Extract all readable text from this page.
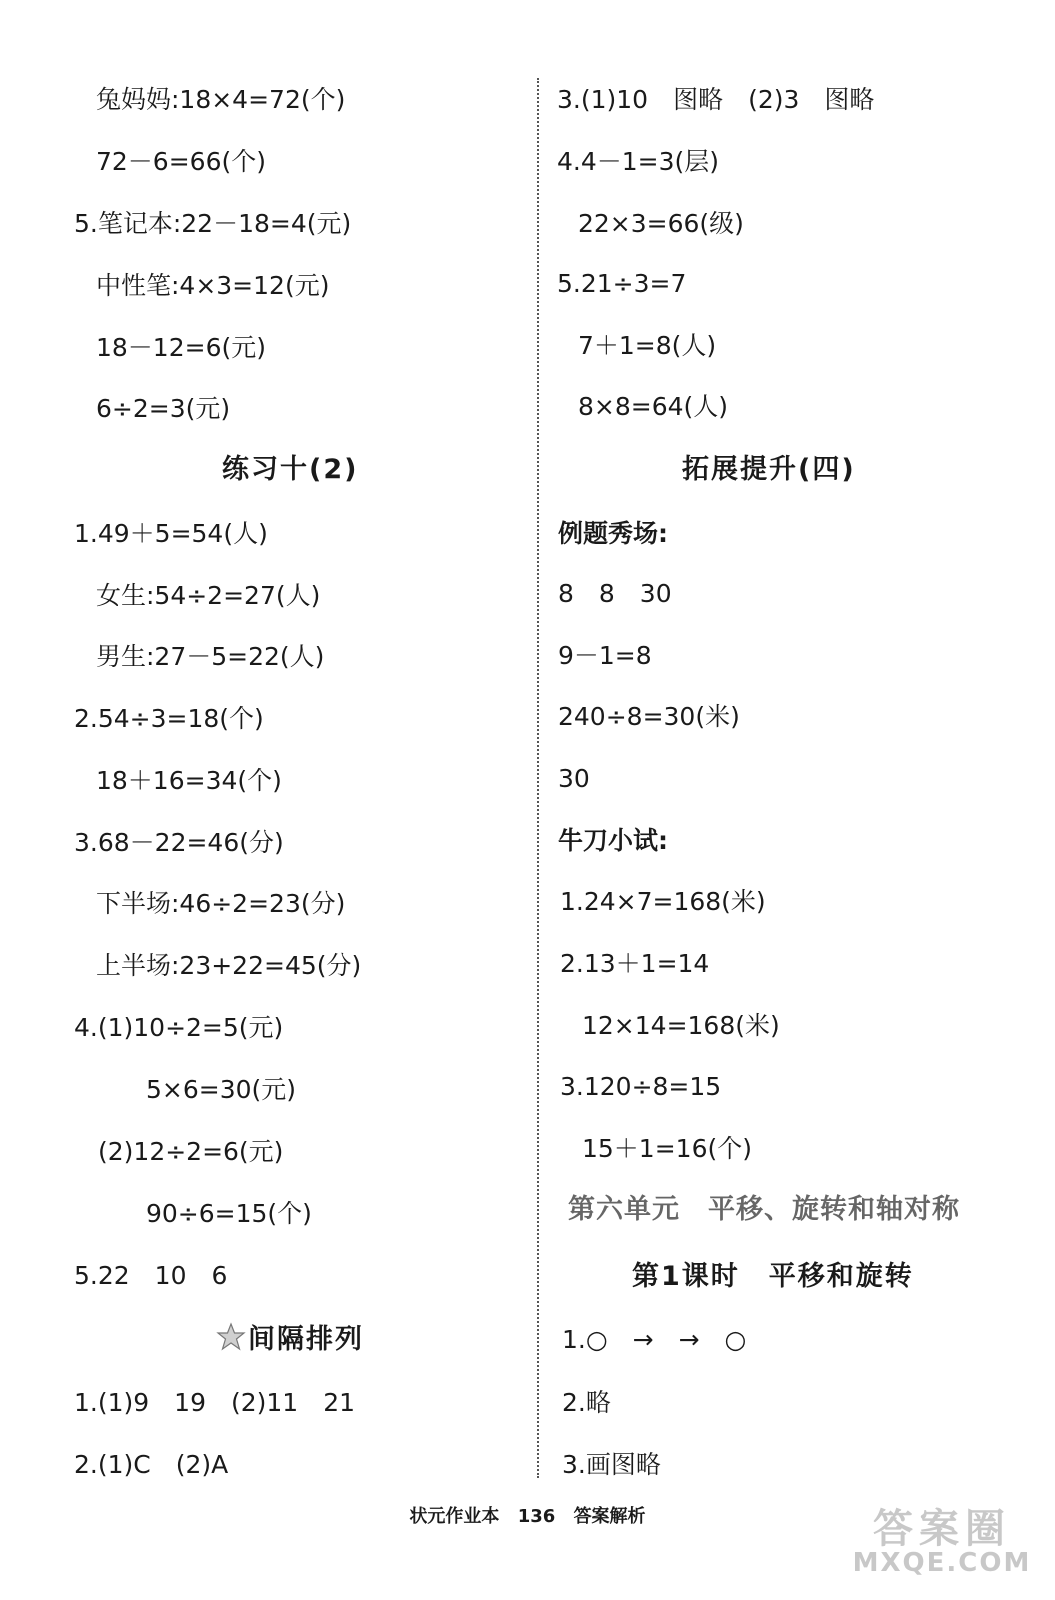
兔妈妈:18×4=72(个)
72－6=66(个)
5.笔记本:22－18=4(元)
中性笔:4×3=12(元)
18－12=6(元)
6÷2=3(元)
练习十(2)
1.49＋5=54(人)
女生:54÷2=27(人)
男生:27－5=22(人)
2.54÷3=18(个)
18＋16=34(个)
3.68－22=46(分)
下半场:46÷2=23(分)
上半场:23+22=45(分)
4.(1)10÷2=5(元)
5×6=30(元)
(2)12÷2=6(元)
90÷6=15(个)
5.22　10　6
间隔排列
1.(1)9　19　(2)11　21
2.(1)C　(2)A
3.(1)10　图略　(2)3　图略
4.4－1=3(层)
22×3=66(级)
5.21÷3=7
7＋1=8(人)
8×8=64(人)
拓展提升(四)
例题秀场:
8　8　30
9－1=8
240÷8=30(米)
30
牛刀小试:
1.24×7=168(米)
2.13＋1=14
12×14=168(米)
3.120÷8=15
15＋1=16(个)
第六单元　平移、旋转和轴对称
第1课时　平移和旋转
1.○　→　→　○
2.略
3.画图略
状元作业本 136 答案解析	答案圈
MXQE.COM
